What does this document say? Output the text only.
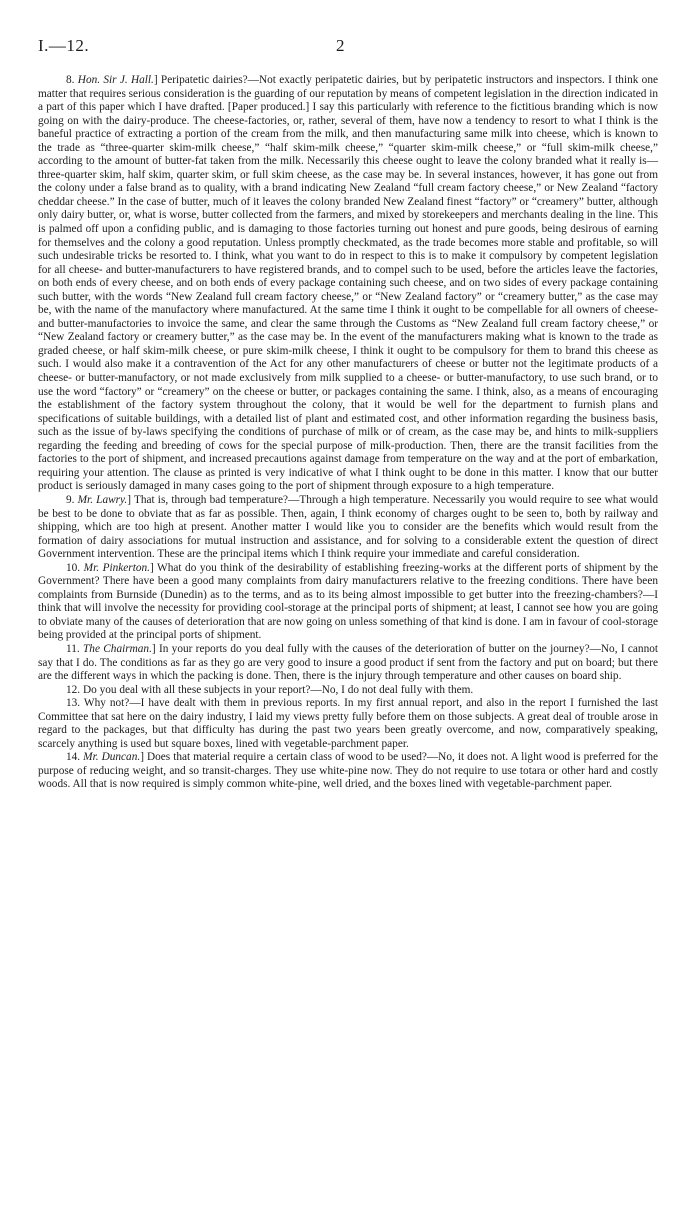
I.—12.	2

8. Hon. Sir J. Hall.] Peripatetic dairies?—Not exactly peripatetic dairies, but by peripatetic instructors and inspectors. I think one matter that requires serious consideration is the guarding of our reputation by means of competent legislation in the direction indicated in a part of this paper which I have drafted. [Paper produced.] I say this particularly with reference to the fictitious branding which is now going on with the dairy-produce. The cheese-factories, or, rather, several of them, have now a tendency to resort to what I think is the baneful practice of extracting a portion of the cream from the milk, and then manufacturing same milk into cheese, which is known to the trade as “three-quarter skim-milk cheese,” “half skim-milk cheese,” “quarter skim-milk cheese,” or “full skim-milk cheese,” according to the amount of butter-fat taken from the milk. Necessarily this cheese ought to leave the colony branded what it really is—three-quarter skim, half skim, quarter skim, or full skim cheese, as the case may be. In several instances, however, it has gone out from the colony under a false brand as to quality, with a brand indicating New Zealand “full cream factory cheese,” or New Zealand “factory cheddar cheese.” In the case of butter, much of it leaves the colony branded New Zealand finest “factory” or “creamery” butter, although only dairy butter, or, what is worse, butter collected from the farmers, and mixed by storekeepers and merchants dealing in the line. This is palmed off upon a confiding public, and is damaging to those factories turning out honest and pure goods, being desirous of earning for themselves and the colony a good reputation. Unless promptly checkmated, as the trade becomes more stable and profitable, so will such undesirable tricks be resorted to. I think, what you want to do in respect to this is to make it compulsory by competent legislation for all cheese- and butter-manufacturers to have registered brands, and to compel such to be used, before the articles leave the factories, on both ends of every cheese, and on both ends of every package containing such cheese, and on two sides of every package containing such butter, with the words “New Zealand full cream factory cheese,” or “New Zealand factory” or “creamery butter,” as the case may be, with the name of the manufactory where manufactured. At the same time I think it ought to be compellable for all owners of cheese- and butter-manufactories to invoice the same, and clear the same through the Customs as “New Zealand full cream factory cheese,” or “New Zealand factory or creamery butter,” as the case may be. In the event of the manufacturers making what is known to the trade as graded cheese, or half skim-milk cheese, or pure skim-milk cheese, I think it ought to be compulsory for them to brand this cheese as such. I would also make it a contravention of the Act for any other manufacturers of cheese or butter not the legitimate products of a cheese- or butter-manufactory, or not made exclusively from milk supplied to a cheese- or butter-manufactory, to use such brand, or to use the word “factory” or “creamery” on the cheese or butter, or packages containing the same. I think, also, as a means of encouraging the establishment of the factory system throughout the colony, that it would be well for the department to furnish plans and specifications of suitable buildings, with a detailed list of plant and estimated cost, and other information regarding the business basis, such as the issue of by-laws specifying the conditions of purchase of milk or of cream, as the case may be, and hints to milk-suppliers regarding the feeding and breeding of cows for the special purpose of milk-production. Then, there are the transit facilities from the factories to the port of shipment, and increased precautions against damage from temperature on the way and at the port of embarkation, requiring your attention. The clause as printed is very indicative of what I think ought to be done in this matter. I know that our butter product is seriously damaged in many cases going to the port of shipment through exposure to a high temperature.

9. Mr. Lawry.] That is, through bad temperature?—Through a high temperature. Necessarily you would require to see what would be best to be done to obviate that as far as possible. Then, again, I think economy of charges ought to be seen to, both by railway and shipping, which are too high at present. Another matter I would like you to consider are the benefits which would result from the formation of dairy associations for mutual instruction and assistance, and for solving to a considerable extent the question of direct Government intervention. These are the principal items which I think require your immediate and careful consideration.

10. Mr. Pinkerton.] What do you think of the desirability of establishing freezing-works at the different ports of shipment by the Government? There have been a good many complaints from dairy manufacturers relative to the freezing conditions. There have been complaints from Burnside (Dunedin) as to the terms, and as to its being almost impossible to get butter into the freezing-chambers?—I think that will involve the necessity for providing cool-storage at the principal ports of shipment; at least, I cannot see how you are going to obviate many of the causes of deterioration that are now going on unless something of that kind is done. I am in favour of cool-storage being provided at the principal ports of shipment.

11. The Chairman.] In your reports do you deal fully with the causes of the deterioration of butter on the journey?—No, I cannot say that I do. The conditions as far as they go are very good to insure a good product if sent from the factory and put on board; but there are the different ways in which the packing is done. Then, there is the injury through temperature and other causes on board ship.

12. Do you deal with all these subjects in your report?—No, I do not deal fully with them.

13. Why not?—I have dealt with them in previous reports. In my first annual report, and also in the report I furnished the last Committee that sat here on the dairy industry, I laid my views pretty fully before them on those subjects. A great deal of trouble arose in regard to the packages, but that difficulty has during the past two years been greatly overcome, and now, comparatively speaking, scarcely anything is used but square boxes, lined with vegetable-parchment paper.

14. Mr. Duncan.] Does that material require a certain class of wood to be used?—No, it does not. A light wood is preferred for the purpose of reducing weight, and so transit-charges. They use white-pine now. They do not require to use totara or other hard and costly woods. All that is now required is simply common white-pine, well dried, and the boxes lined with vegetable-parchment paper.
